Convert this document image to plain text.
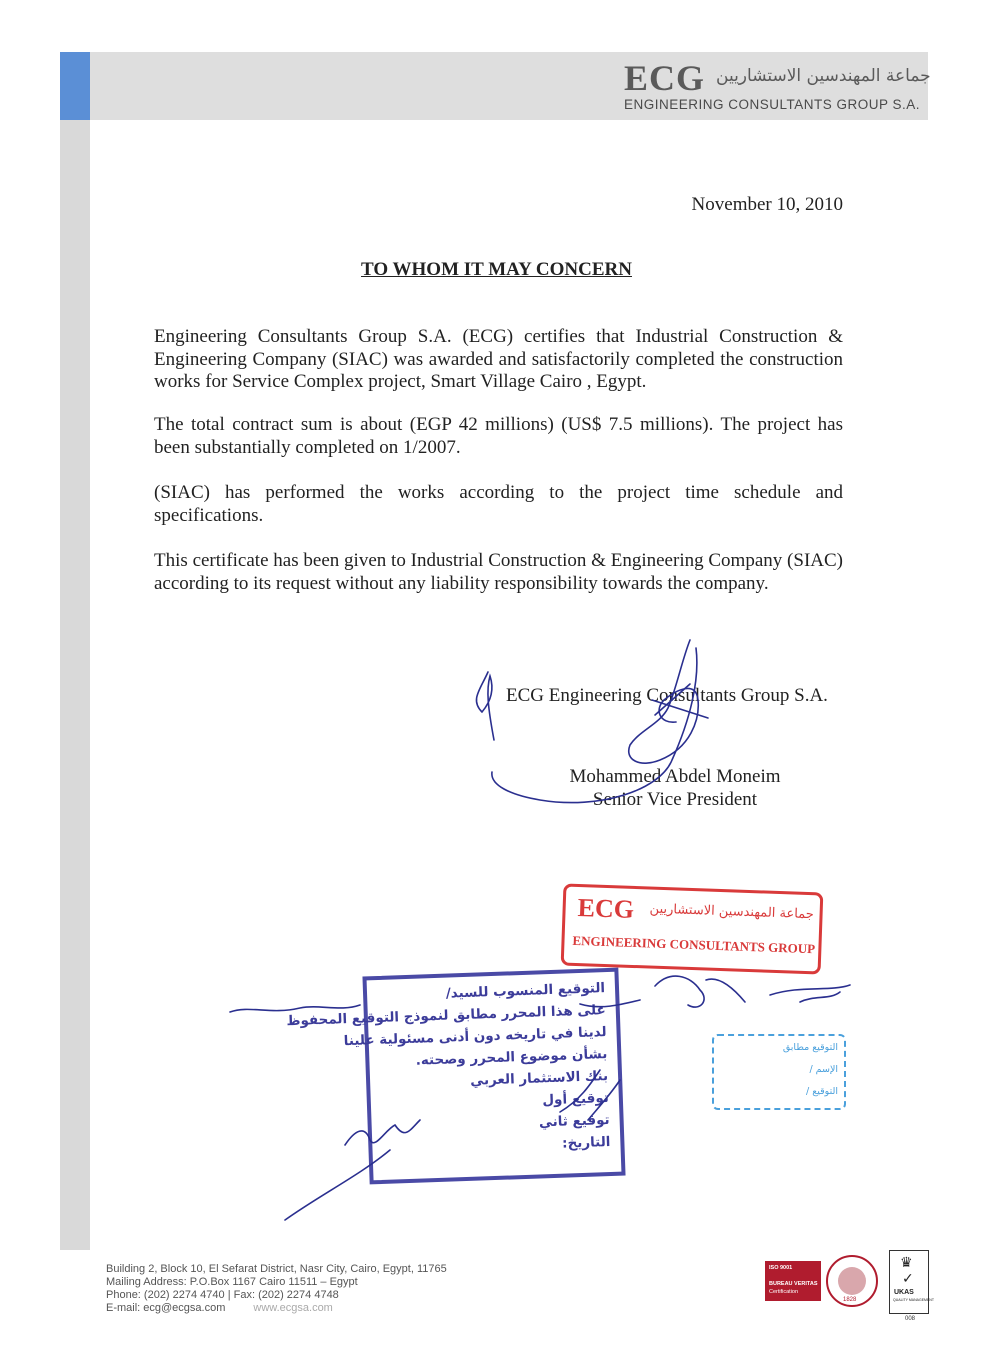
ECG جماعة المهندسين الاستشاريين
ENGINEERING CONSULTANTS GROUP S.A.
November 10, 2010
TO WHOM IT MAY CONCERN

Engineering Consultants Group S.A. (ECG) certifies that Industrial Construction & Engineering Company (SIAC) was awarded and satisfactorily completed the construction works for Service Complex project, Smart Village Cairo , Egypt.

The total contract sum is about (EGP 42 millions) (US$ 7.5 millions). The project has been substantially completed on 1/2007.

(SIAC) has performed the works according to the project time schedule and specifications.

This certificate has been given to Industrial Construction & Engineering Company (SIAC) according to its request without any liability responsibility towards the company.

ECG Engineering Consultants Group S.A.
Mohammed Abdel Moneim
Senior Vice President
ECG جماعة المهندسين الاستشاريين
ENGINEERING CONSULTANTS GROUP
التوقيع المنسوب للسيد/
على هذا المحرر مطابق لنموذج التوقيع المحفوظ
لدينا في تاريخه دون أدنى مسئولية علينا
بشأن موضوع المحرر وصحته.
بنك الاستثمار العربي
توقيع أول
توقيع ثاني
التاريخ:
التوقيع مطابق
الإسم /
التوقيع /
Building 2, Block 10, El Sefarat District, Nasr City, Cairo, Egypt, 11765
Mailing Address: P.O.Box 1167 Cairo 11511 – Egypt
Phone: (202) 2274 4740 | Fax: (202) 2274 4748
E-mail: ecg@ecgsa.com	www.ecgsa.com
ISO 9001
BUREAU VERITAS
Certification
1828
♛
✓
UKAS
QUALITY MANAGEMENT
008
